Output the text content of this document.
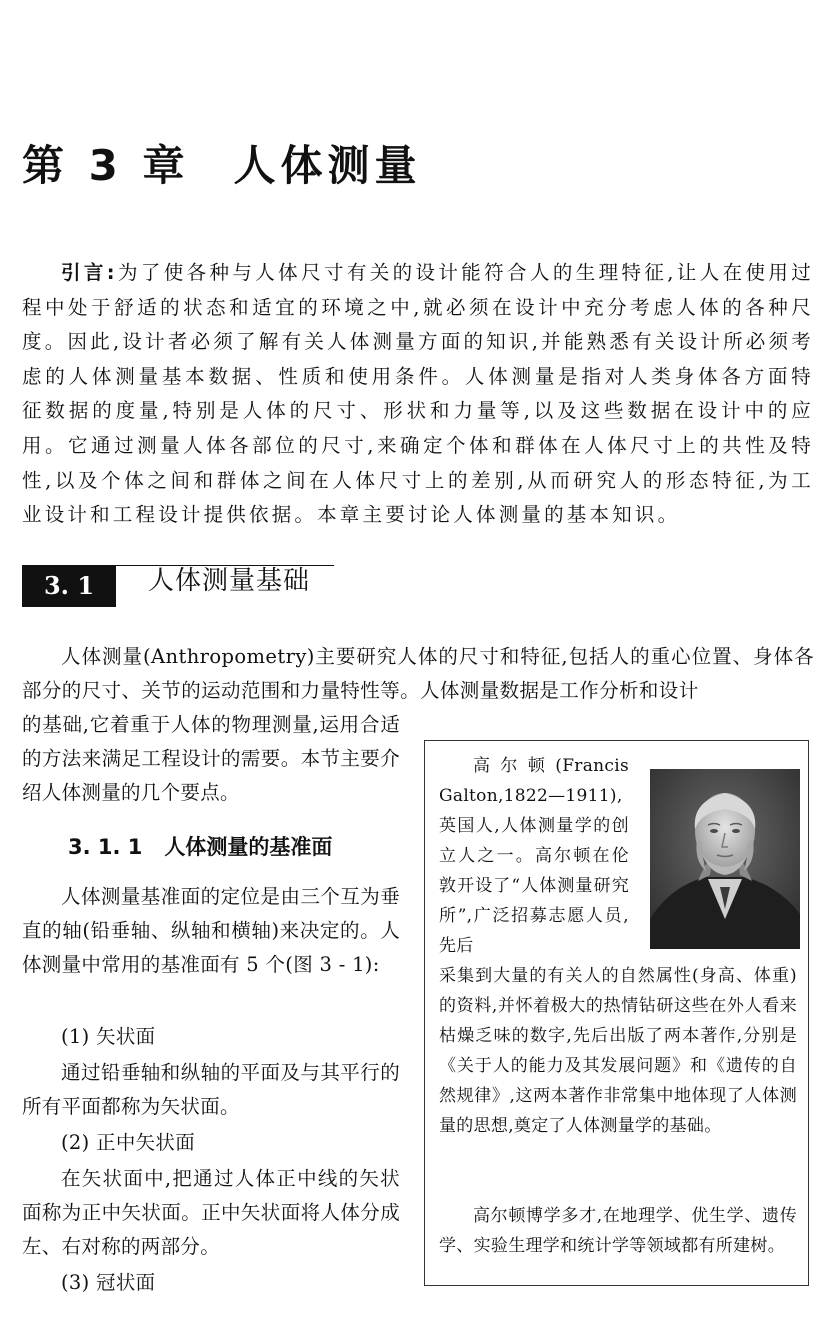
第 3 章 人体测量

引言:为了使各种与人体尺寸有关的设计能符合人的生理特征,让人在使用过程中处于舒适的状态和适宜的环境之中,就必须在设计中充分考虑人体的各种尺度。因此,设计者必须了解有关人体测量方面的知识,并能熟悉有关设计所必须考虑的人体测量基本数据、性质和使用条件。人体测量是指对人类身体各方面特征数据的度量,特别是人体的尺寸、形状和力量等,以及这些数据在设计中的应用。它通过测量人体各部位的尺寸,来确定个体和群体在人体尺寸上的共性及特性,以及个体之间和群体之间在人体尺寸上的差别,从而研究人的形态特征,为工业设计和工程设计提供依据。本章主要讨论人体测量的基本知识。

3. 1	人体测量基础

人体测量(Anthropometry)主要研究人体的尺寸和特征,包括人的重心位置、身体各部分的尺寸、关节的运动范围和力量特性等。人体测量数据是工作分析和设计

的基础,它着重于人体的物理测量,运用合适的方法来满足工程设计的需要。本节主要介绍人体测量的几个要点。

3. 1. 1 人体测量的基准面

人体测量基准面的定位是由三个互为垂直的轴(铅垂轴、纵轴和横轴)来决定的。人体测量中常用的基准面有 5 个(图 3 - 1):

(1) 矢状面

通过铅垂轴和纵轴的平面及与其平行的所有平面都称为矢状面。

(2) 正中矢状面

在矢状面中,把通过人体正中线的矢状面称为正中矢状面。正中矢状面将人体分成左、右对称的两部分。

(3) 冠状面

高尔顿(Francis Galton,1822—1911),英国人,人体测量学的创立人之一。高尔顿在伦敦开设了“人体测量研究所”,广泛招募志愿人员,先后

采集到大量的有关人的自然属性(身高、体重)的资料,并怀着极大的热情钻研这些在外人看来枯燥乏味的数字,先后出版了两本著作,分别是《关于人的能力及其发展问题》和《遗传的自然规律》,这两本著作非常集中地体现了人体测量的思想,奠定了人体测量学的基础。

高尔顿博学多才,在地理学、优生学、遗传学、实验生理学和统计学等领域都有所建树。
